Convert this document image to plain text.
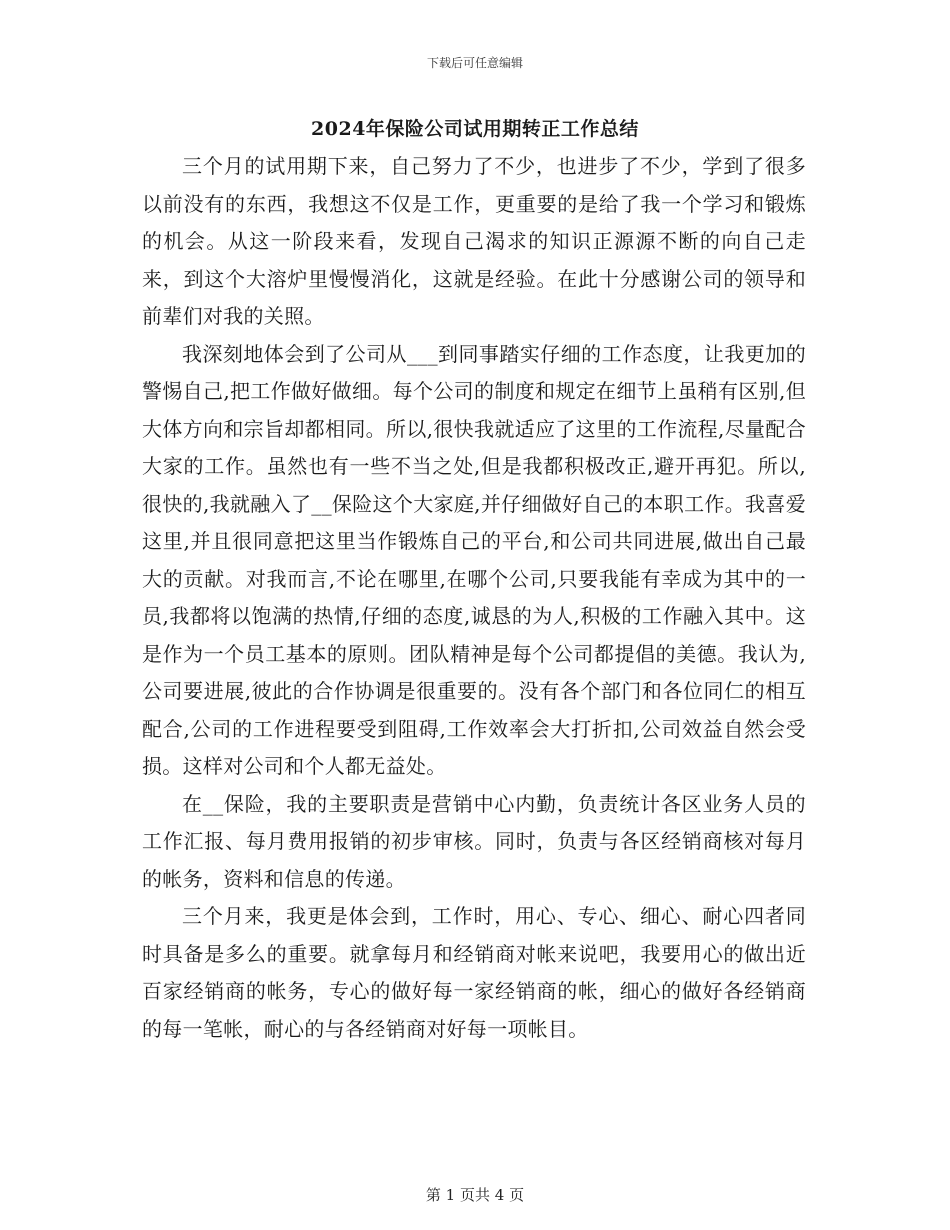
下载后可任意编辑
2024年保险公司试用期转正工作总结

三个月的试用期下来，自己努力了不少，也进步了不少，学到了很多以前没有的东西，我想这不仅是工作，更重要的是给了我一个学习和锻炼的机会。从这一阶段来看，发现自己渴求的知识正源源不断的向自己走来，到这个大溶炉里慢慢消化，这就是经验。在此十分感谢公司的领导和前辈们对我的关照。

我深刻地体会到了公司从___到同事踏实仔细的工作态度，让我更加的警惕自己,把工作做好做细。每个公司的制度和规定在细节上虽稍有区别,但大体方向和宗旨却都相同。所以,很快我就适应了这里的工作流程,尽量配合大家的工作。虽然也有一些不当之处,但是我都积极改正,避开再犯。所以,很快的,我就融入了__保险这个大家庭,并仔细做好自己的本职工作。我喜爱这里,并且很同意把这里当作锻炼自己的平台,和公司共同进展,做出自己最大的贡献。对我而言,不论在哪里,在哪个公司,只要我能有幸成为其中的一员,我都将以饱满的热情,仔细的态度,诚恳的为人,积极的工作融入其中。这是作为一个员工基本的原则。团队精神是每个公司都提倡的美德。我认为,公司要进展,彼此的合作协调是很重要的。没有各个部门和各位同仁的相互配合,公司的工作进程要受到阻碍,工作效率会大打折扣,公司效益自然会受损。这样对公司和个人都无益处。

在__保险，我的主要职责是营销中心内勤，负责统计各区业务人员的工作汇报、每月费用报销的初步审核。同时，负责与各区经销商核对每月的帐务，资料和信息的传递。

三个月来，我更是体会到，工作时，用心、专心、细心、耐心四者同时具备是多么的重要。就拿每月和经销商对帐来说吧，我要用心的做出近百家经销商的帐务，专心的做好每一家经销商的帐，细心的做好各经销商的每一笔帐，耐心的与各经销商对好每一项帐目。

第 1 页共 4 页
